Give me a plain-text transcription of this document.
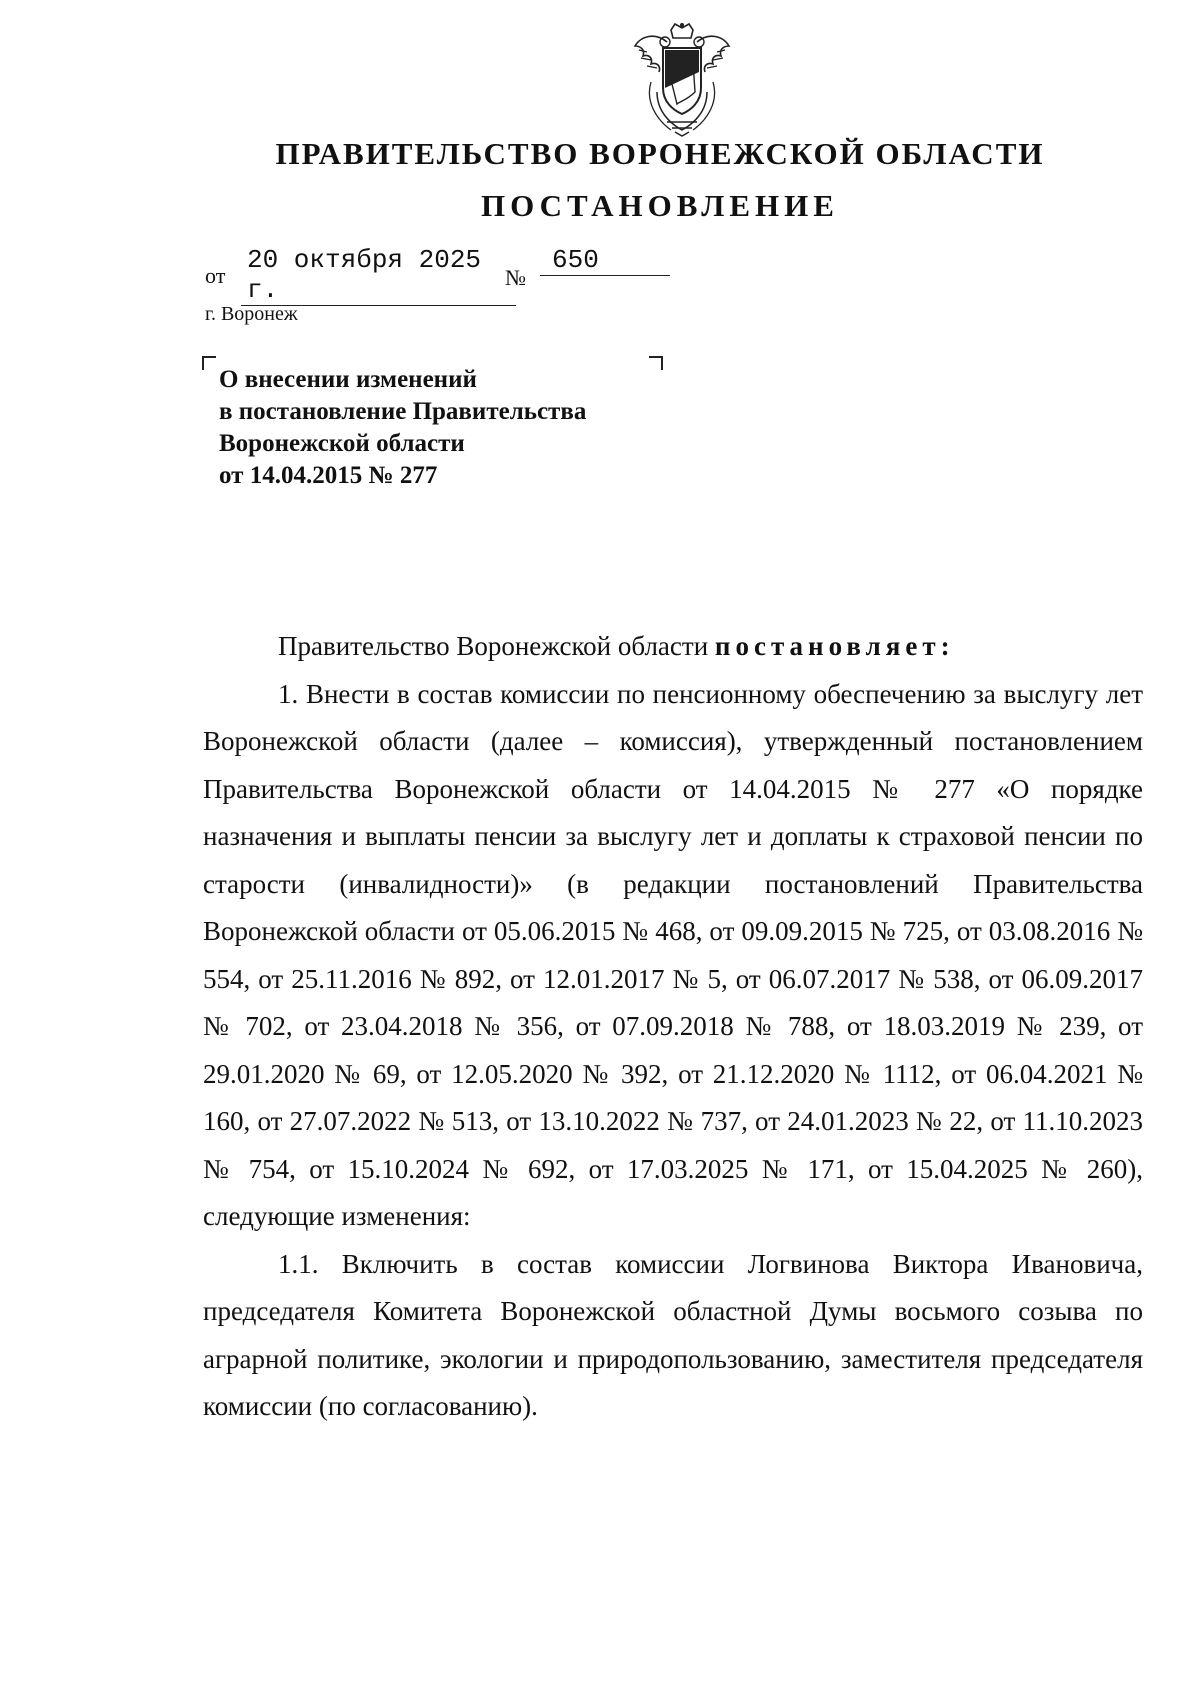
ПРАВИТЕЛЬСТВО ВОРОНЕЖСКОЙ ОБЛАСТИ
ПОСТАНОВЛЕНИЕ
от
20 октября 2025 г.	№
650
г. Воронеж
О внесении изменений
в постановление Правительства
Воронежской области
от 14.04.2015 № 277

Правительство Воронежской области постановляет:

1. Внести в состав комиссии по пенсионному обеспечению за выслугу лет Воронежской области (далее – комиссия), утвержденный постановлением Правительства Воронежской области от 14.04.2015 № 277 «О порядке назначения и выплаты пенсии за выслугу лет и доплаты к страховой пенсии по старости (инвалидности)» (в редакции постановлений Правительства Воронежской области от 05.06.2015 № 468, от 09.09.2015 № 725, от 03.08.2016 № 554, от 25.11.2016 № 892, от 12.01.2017 № 5, от 06.07.2017 № 538, от 06.09.2017 № 702, от 23.04.2018 № 356, от 07.09.2018 № 788, от 18.03.2019 № 239, от 29.01.2020 № 69, от 12.05.2020 № 392, от 21.12.2020 № 1112, от 06.04.2021 № 160, от 27.07.2022 № 513, от 13.10.2022 № 737, от 24.01.2023 № 22, от 11.10.2023 № 754, от 15.10.2024 № 692, от 17.03.2025 № 171, от 15.04.2025 № 260), следующие изменения:

1.1. Включить в состав комиссии Логвинова Виктора Ивановича, председателя Комитета Воронежской областной Думы восьмого созыва по аграрной политике, экологии и природопользованию, заместителя председателя комиссии (по согласованию).
